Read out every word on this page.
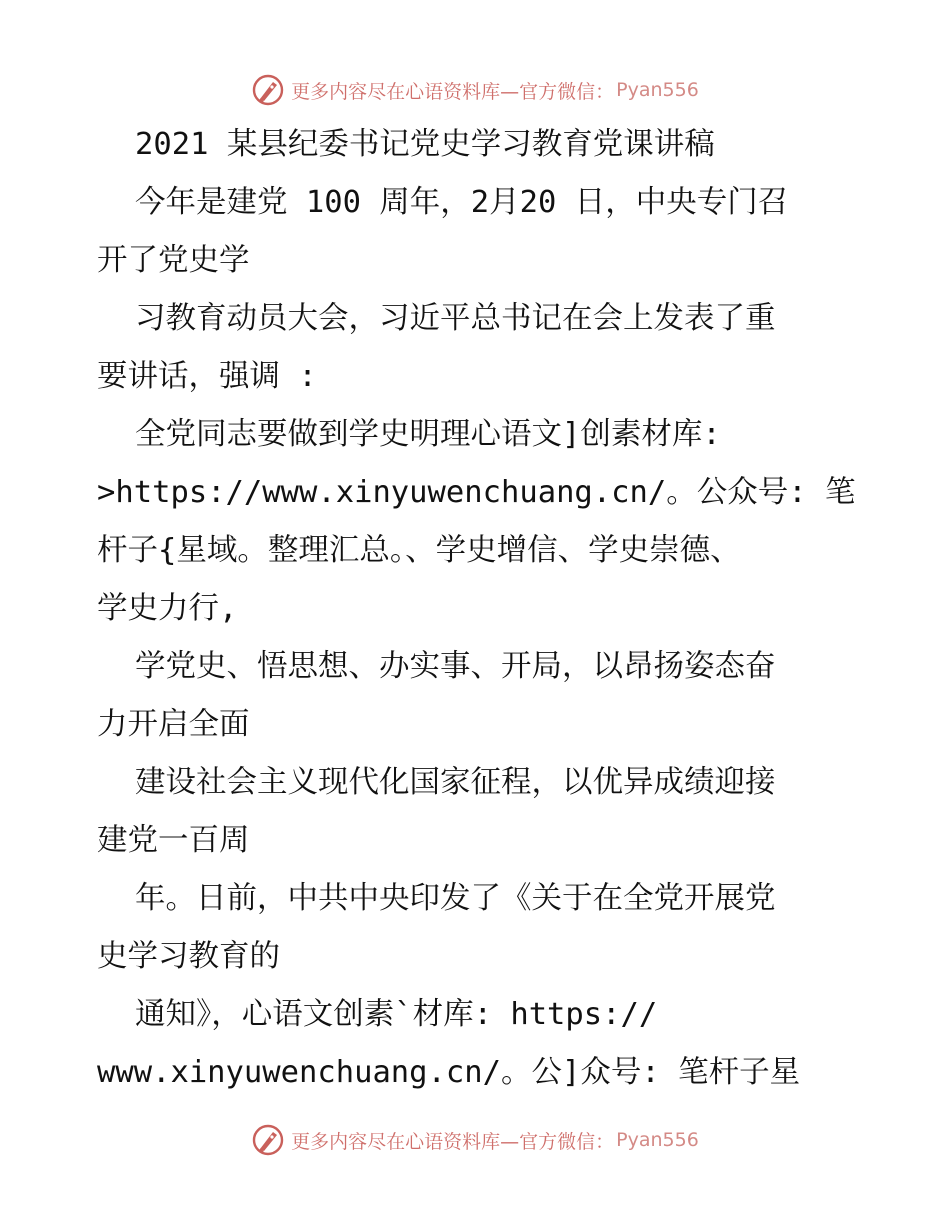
更多内容尽在心语资料库—官方微信： Pyan556
2021 某县纪委书记党史学习教育党课讲稿
今年是建党 100 周年，2月20 日，中央专门召
开了党史学
习教育动员大会，习近平总书记在会上发表了重
要讲话，强调 :
全党同志要做到学史明理心语文]创素材库:
>https://www.xinyuwenchuang.cn/。公众号: 笔
杆子{星域。整理汇总。、学史增信、学史崇德、
学史力行,
学党史、悟思想、办实事、开局，以昂扬姿态奋
力开启全面
建设社会主义现代化国家征程，以优异成绩迎接
建党一百周
年。日前，中共中央印发了《关于在全党开展党
史学习教育的
通知》，心语文创素`材库: https://
www.xinyuwenchuang.cn/。公]众号: 笔杆子星
更多内容尽在心语资料库—官方微信： Pyan556
